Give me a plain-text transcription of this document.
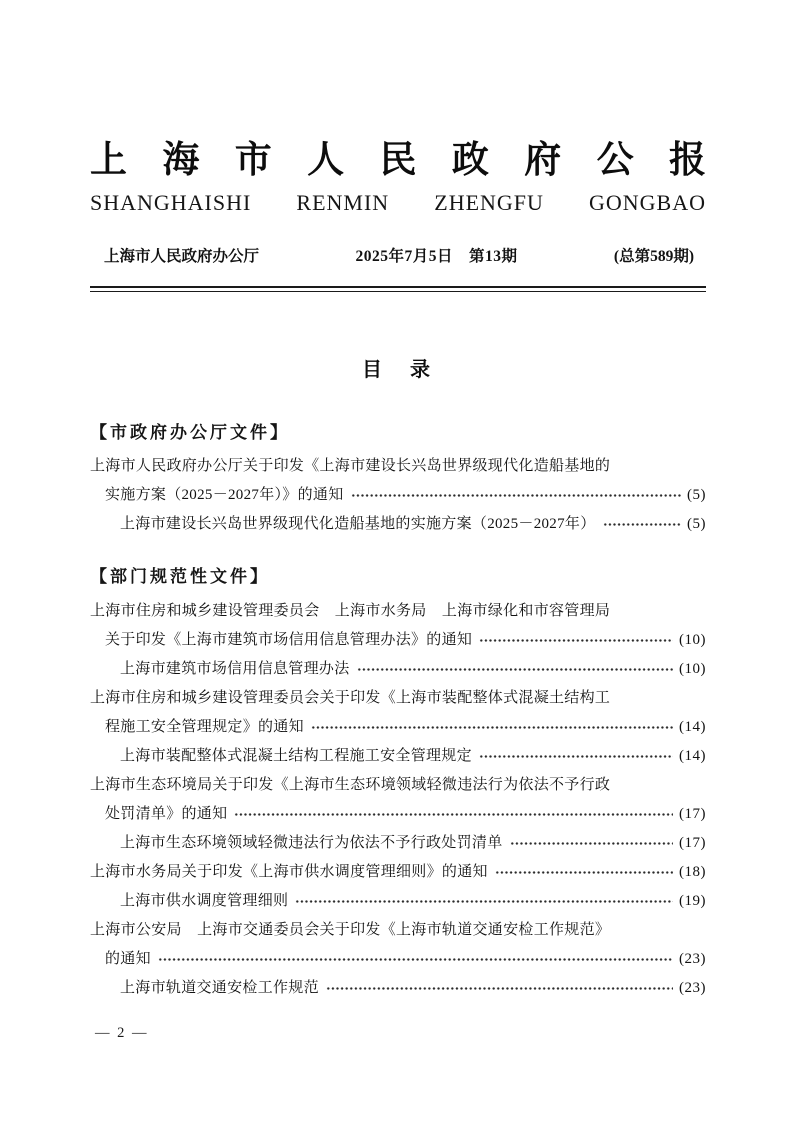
上 海 市 人 民 政 府 公 报
SHANGHAISHI RENMIN ZHENGFU GONGBAO
上海市人民政府办公厅	2025年7月5日　第13期	(总第589期)
目　录
【市政府办公厅文件】
上海市人民政府办公厅关于印发《上海市建设长兴岛世界级现代化造船基地的
实施方案（2025－2027年）》的通知	(5)
上海市建设长兴岛世界级现代化造船基地的实施方案（2025－2027年）	(5)
【部门规范性文件】
上海市住房和城乡建设管理委员会　上海市水务局　上海市绿化和市容管理局
关于印发《上海市建筑市场信用信息管理办法》的通知	(10)
上海市建筑市场信用信息管理办法	(10)
上海市住房和城乡建设管理委员会关于印发《上海市装配整体式混凝土结构工
程施工安全管理规定》的通知	(14)
上海市装配整体式混凝土结构工程施工安全管理规定	(14)
上海市生态环境局关于印发《上海市生态环境领域轻微违法行为依法不予行政
处罚清单》的通知	(17)
上海市生态环境领域轻微违法行为依法不予行政处罚清单	(17)
上海市水务局关于印发《上海市供水调度管理细则》的通知	(18)
上海市供水调度管理细则	(19)
上海市公安局　上海市交通委员会关于印发《上海市轨道交通安检工作规范》
的通知	(23)
上海市轨道交通安检工作规范	(23)
— 2 —
